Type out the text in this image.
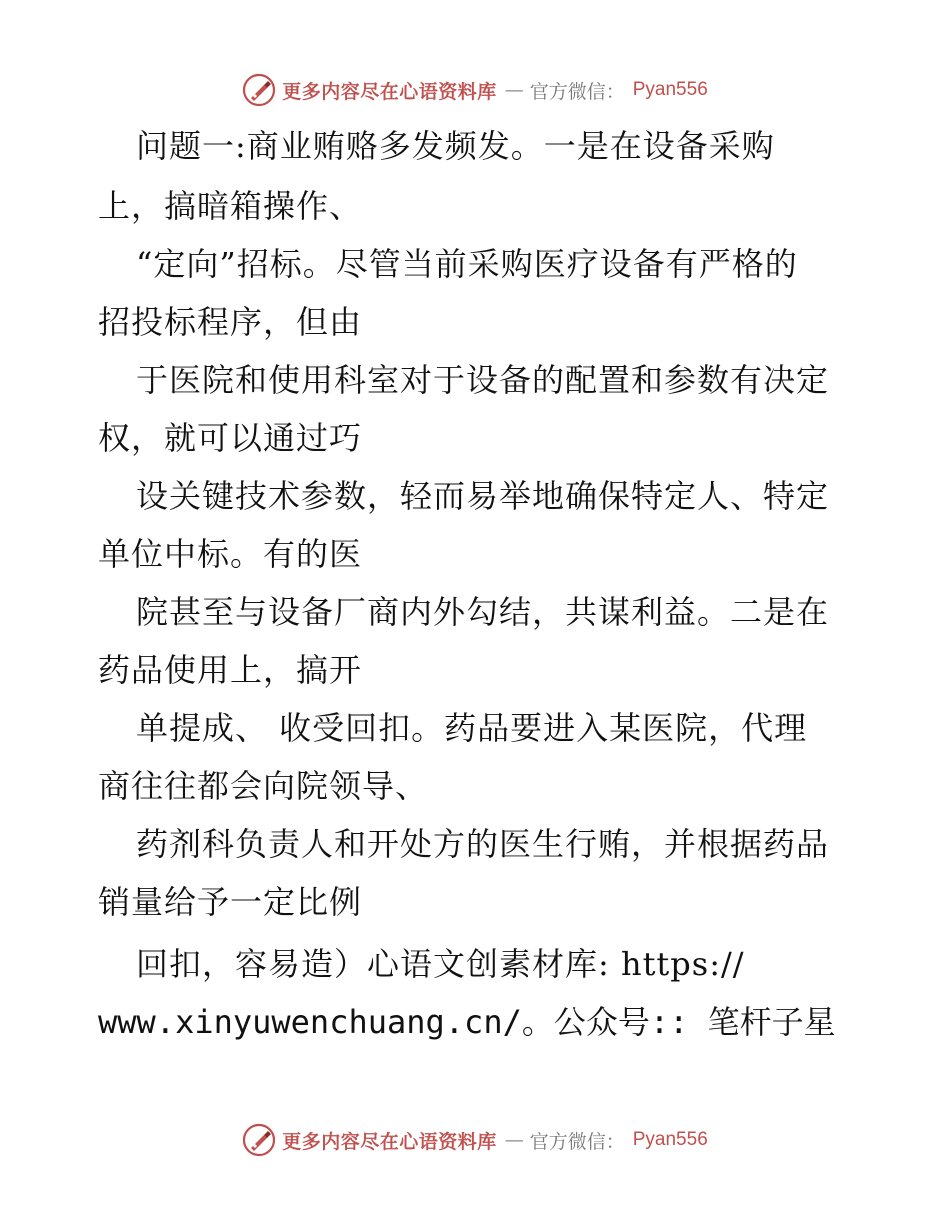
更多内容尽在心语资料库 — 官方微信： Pyan556
问题一:商业贿赂多发频发。一是在设备采购
上，搞暗箱操作、
“定向”招标。尽管当前采购医疗设备有严格的
招投标程序，但由
于医院和使用科室对于设备的配置和参数有决定
权，就可以通过巧
设关键技术参数，轻而易举地确保特定人、特定
单位中标。有的医
院甚至与设备厂商内外勾结，共谋利益。二是在
药品使用上，搞开
单提成、 收受回扣。药品要进入某医院，代理
商往往都会向院领导、
药剂科负责人和开处方的医生行贿，并根据药品
销量给予一定比例
回扣，容易造）心语文创素材库: https://
www.xinyuwenchuang.cn/。公众号:: 笔杆子星
更多内容尽在心语资料库 — 官方微信： Pyan556
